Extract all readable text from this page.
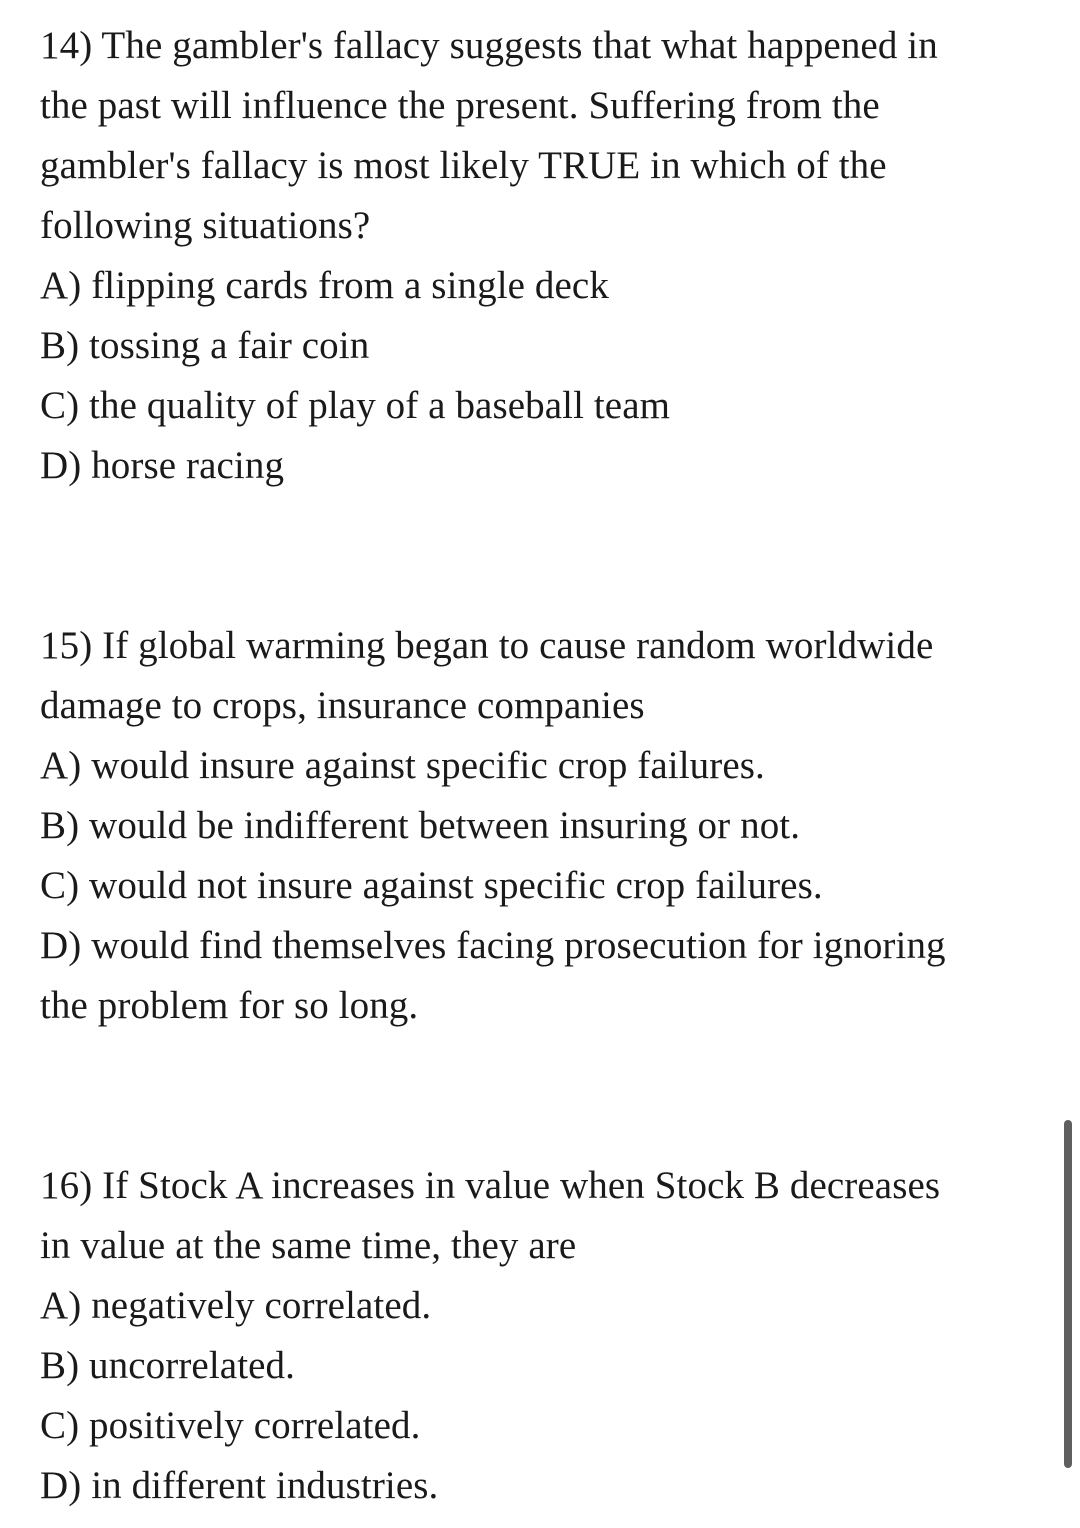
14) The gambler's fallacy suggests that what happened in
the past will influence the present. Suffering from the
gambler's fallacy is most likely TRUE in which of the
following situations?
A) flipping cards from a single deck
B) tossing a fair coin
C) the quality of play of a baseball team
D) horse racing
15) If global warming began to cause random worldwide
damage to crops, insurance companies
A) would insure against specific crop failures.
B) would be indifferent between insuring or not.
C) would not insure against specific crop failures.
D) would find themselves facing prosecution for ignoring
the problem for so long.
16) If Stock A increases in value when Stock B decreases
in value at the same time, they are
A) negatively correlated.
B) uncorrelated.
C) positively correlated.
D) in different industries.
